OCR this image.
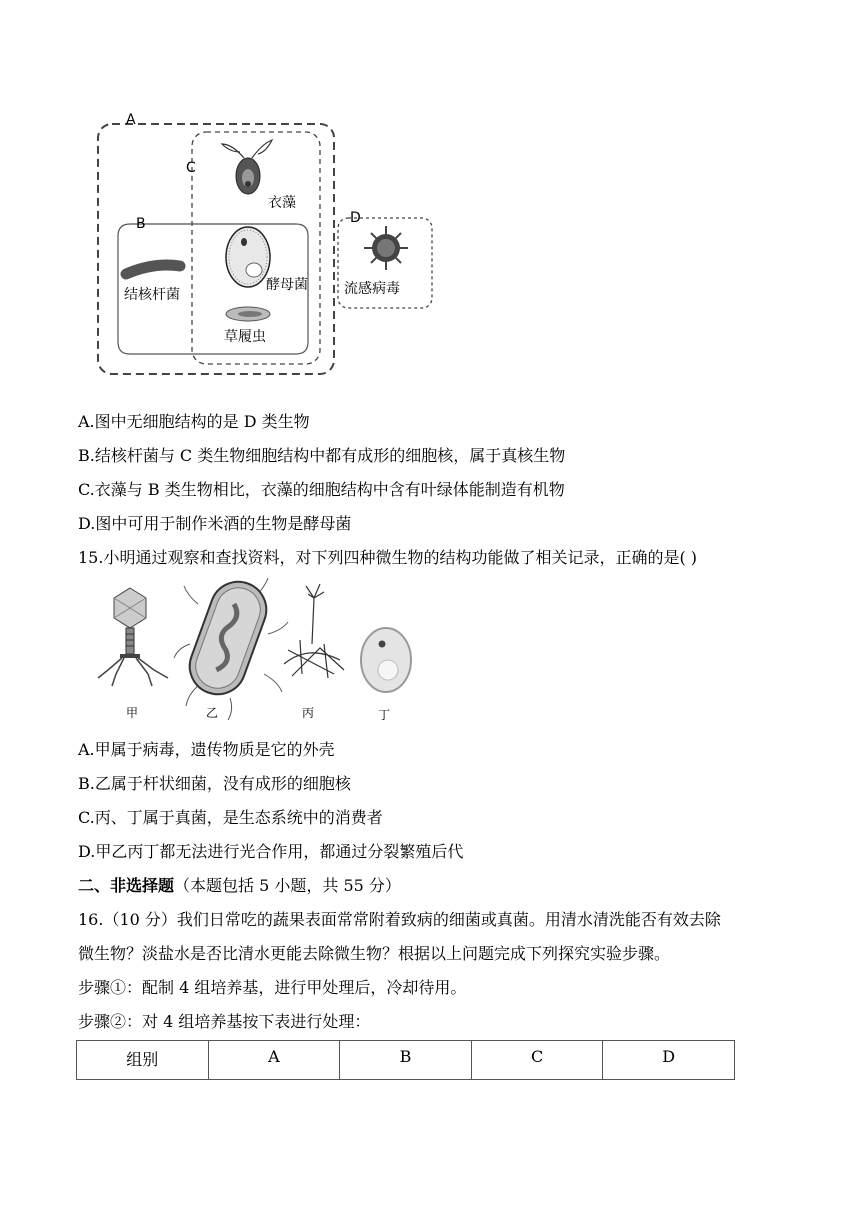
A
C
B	D
衣藻
结核杆菌
酵母菌
草履虫
流感病毒
A.图中无细胞结构的是 D 类生物
B.结核杆菌与 C 类生物细胞结构中都有成形的细胞核，属于真核生物
C.衣藻与 B 类生物相比，衣藻的细胞结构中含有叶绿体能制造有机物
D.图中可用于制作米酒的生物是酵母菌
15.小明通过观察和查找资料，对下列四种微生物的结构功能做了相关记录，正确的是( )
甲	乙	丙	丁
A.甲属于病毒，遗传物质是它的外壳
B.乙属于杆状细菌，没有成形的细胞核
C.丙、丁属于真菌，是生态系统中的消费者
D.甲乙丙丁都无法进行光合作用，都通过分裂繁殖后代
二、非选择题（本题包括 5 小题，共 55 分）
16.（10 分）我们日常吃的蔬果表面常常附着致病的细菌或真菌。用清水清洗能否有效去除
微生物？淡盐水是否比清水更能去除微生物？根据以上问题完成下列探究实验步骤。
步骤①：配制 4 组培养基，进行甲处理后，冷却待用。
步骤②：对 4 组培养基按下表进行处理：
组别	A	B	C	D
